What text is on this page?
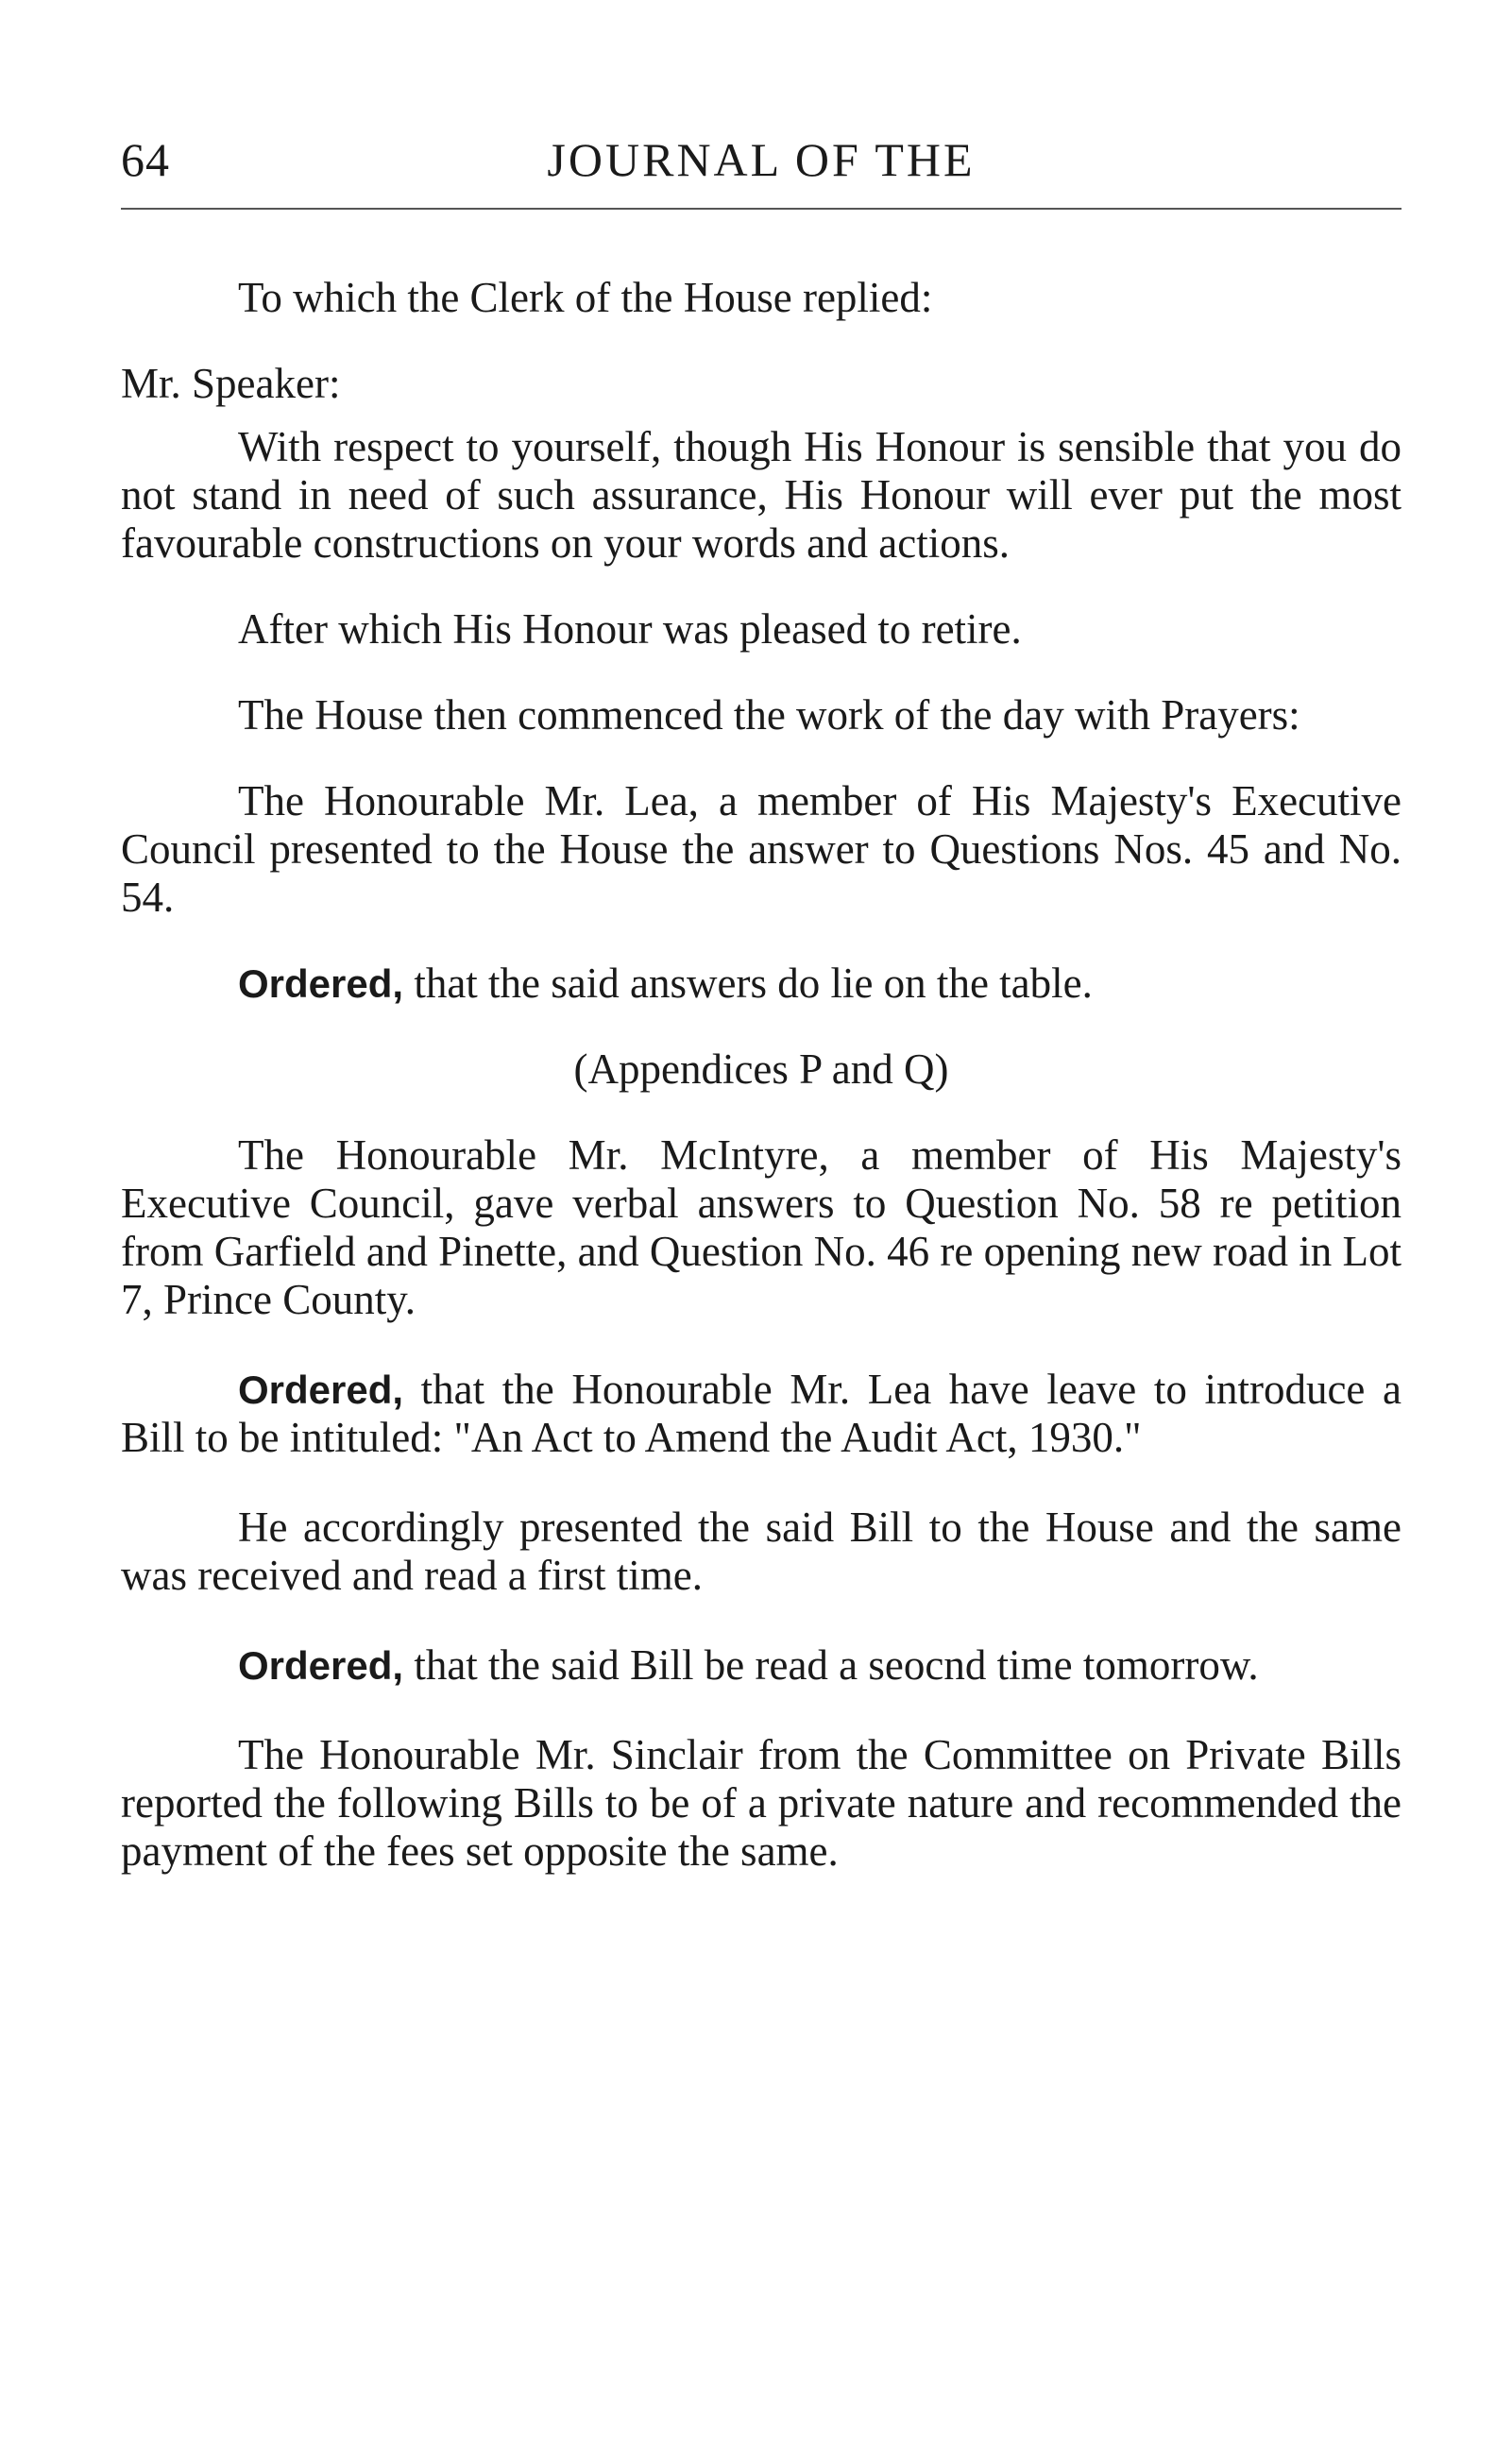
64	JOURNAL OF THE

To which the Clerk of the House replied:

Mr. Speaker:

With respect to yourself, though His Honour is sensible that you do not stand in need of such assurance, His Honour will ever put the most favourable constructions on your words and actions.

After which His Honour was pleased to retire.

The House then commenced the work of the day with Prayers:

The Honourable Mr. Lea, a member of His Majesty's Executive Council presented to the House the answer to Questions Nos. 45 and No. 54.

Ordered, that the said answers do lie on the table.

(Appendices P and Q)

The Honourable Mr. McIntyre, a member of His Majesty's Executive Council, gave verbal answers to Question No. 58 re petition from Garfield and Pinette, and Question No. 46 re opening new road in Lot 7, Prince County.

Ordered, that the Honourable Mr. Lea have leave to introduce a Bill to be intituled: "An Act to Amend the Audit Act, 1930."

He accordingly presented the said Bill to the House and the same was received and read a first time.

Ordered, that the said Bill be read a seocnd time tomorrow.

The Honourable Mr. Sinclair from the Committee on Private Bills reported the following Bills to be of a private nature and recommended the payment of the fees set opposite the same.
